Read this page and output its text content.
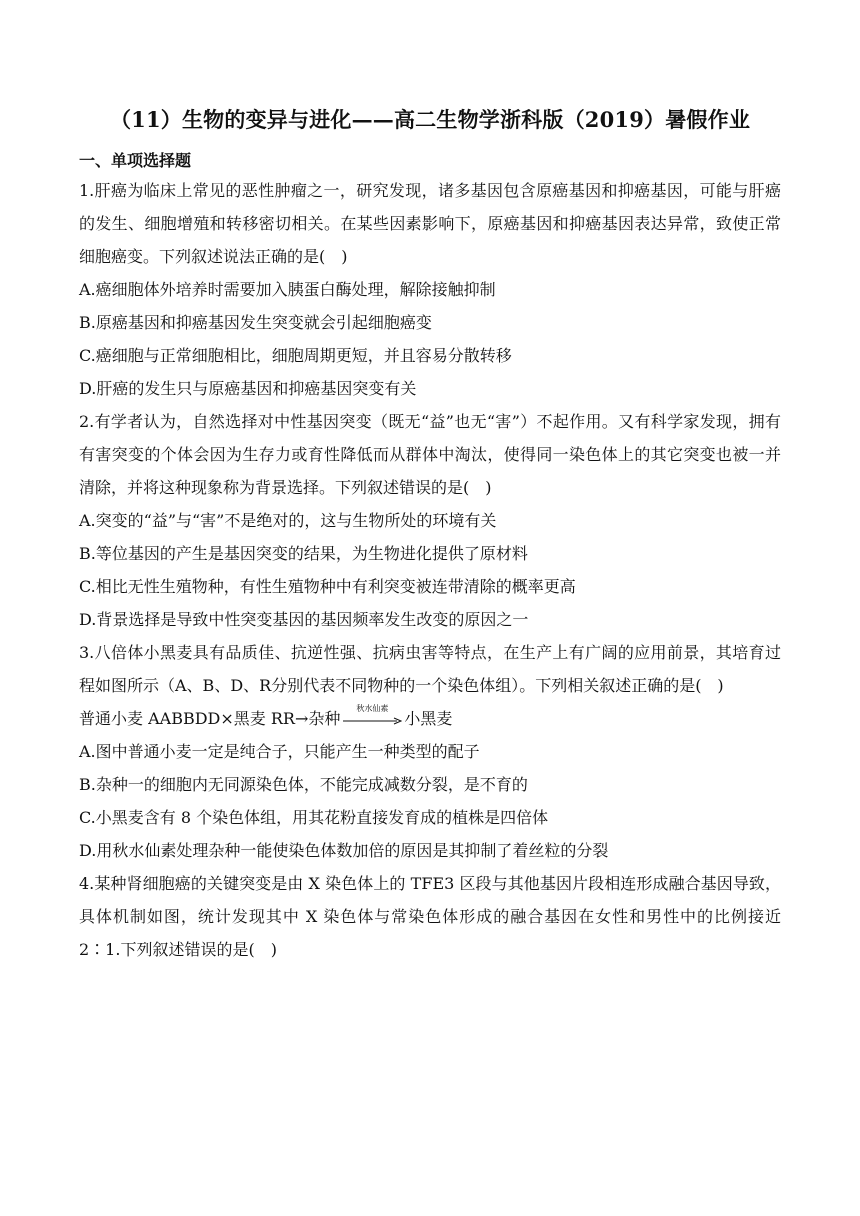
（11）生物的变异与进化——高二生物学浙科版（2019）暑假作业
一、单项选择题

1.肝癌为临床上常见的恶性肿瘤之一，研究发现，诸多基因包含原癌基因和抑癌基因，可能与肝癌的发生、细胞增殖和转移密切相关。在某些因素影响下，原癌基因和抑癌基因表达异常，致使正常细胞癌变。下列叙述说法正确的是(　)

A.癌细胞体外培养时需要加入胰蛋白酶处理，解除接触抑制

B.原癌基因和抑癌基因发生突变就会引起细胞癌变

C.癌细胞与正常细胞相比，细胞周期更短，并且容易分散转移

D.肝癌的发生只与原癌基因和抑癌基因突变有关

2.有学者认为，自然选择对中性基因突变（既无“益”也无“害”）不起作用。又有科学家发现，拥有有害突变的个体会因为生存力或育性降低而从群体中淘汰，使得同一染色体上的其它突变也被一并清除，并将这种现象称为背景选择。下列叙述错误的是(　)

A.突变的“益”与“害”不是绝对的，这与生物所处的环境有关

B.等位基因的产生是基因突变的结果，为生物进化提供了原材料

C.相比无性生殖物种，有性生殖物种中有利突变被连带清除的概率更高

D.背景选择是导致中性突变基因的基因频率发生改变的原因之一

3.八倍体小黑麦具有品质佳、抗逆性强、抗病虫害等特点，在生产上有广阔的应用前景，其培育过程如图所示（A、B、D、R分别代表不同物种的一个染色体组）。下列相关叙述正确的是(　)

普通小麦 AABBDD×黑麦 RR→杂种
秋水仙素
小黑麦

A.图中普通小麦一定是纯合子，只能产生一种类型的配子

B.杂种一的细胞内无同源染色体，不能完成减数分裂，是不育的

C.小黑麦含有 8 个染色体组，用其花粉直接发育成的植株是四倍体

D.用秋水仙素处理杂种一能使染色体数加倍的原因是其抑制了着丝粒的分裂

4.某种肾细胞癌的关键突变是由 X 染色体上的 TFE3 区段与其他基因片段相连形成融合基因导致，具体机制如图，统计发现其中 X 染色体与常染色体形成的融合基因在女性和男性中的比例接近 2∶1.下列叙述错误的是(　)
